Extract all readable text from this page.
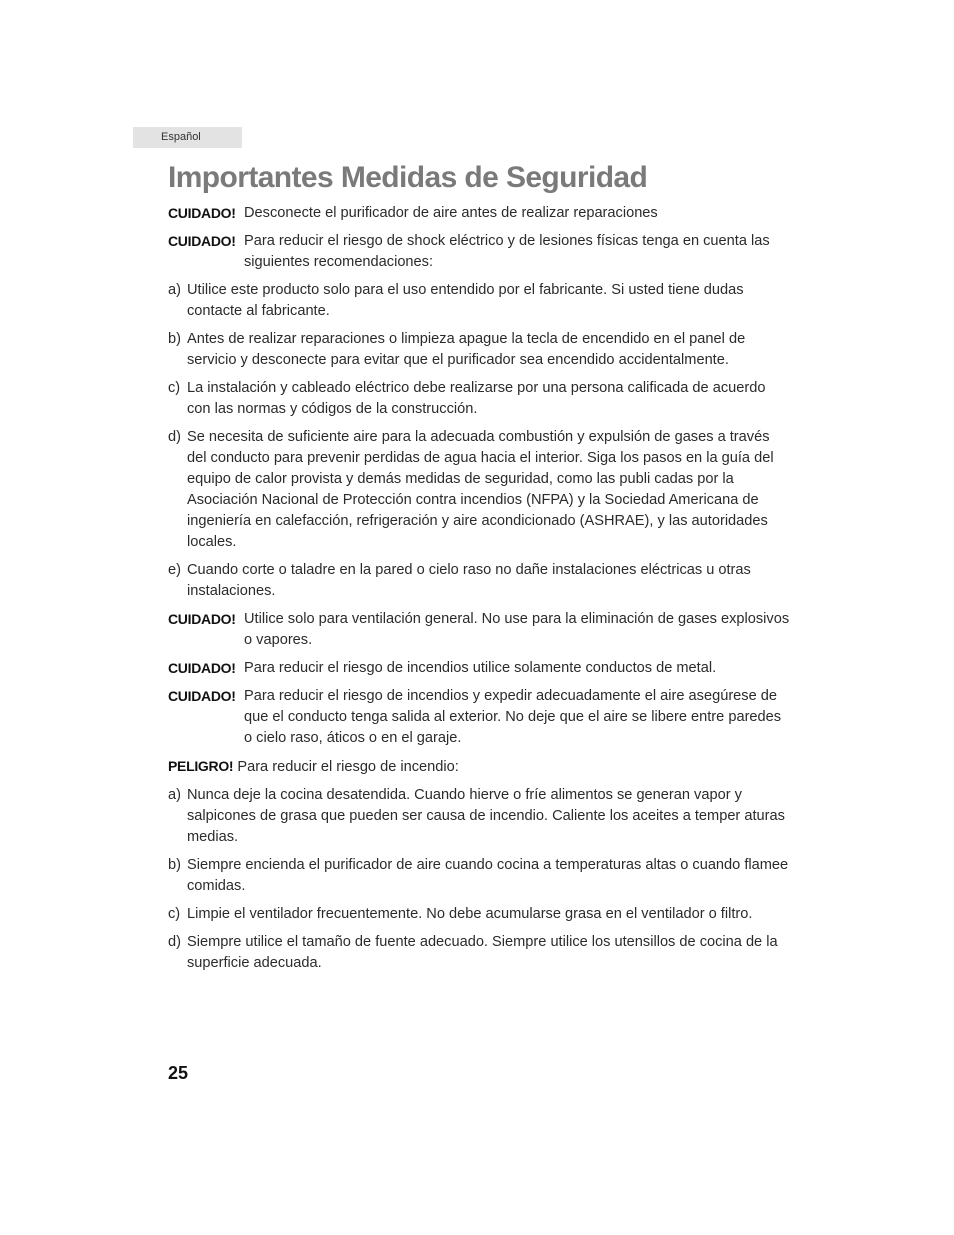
Español
Importantes Medidas de Seguridad
CUIDADO! Desconecte el purificador de aire antes de realizar reparaciones
CUIDADO! Para reducir el riesgo de shock eléctrico y de lesiones físicas tenga en cuenta las siguientes recomendaciones:
a) Utilice este producto solo para el uso entendido por el fabricante. Si usted tiene dudas contacte al fabricante.
b) Antes de realizar reparaciones o limpieza apague la tecla de encendido en el panel de servicio y desconecte para evitar que el purificador sea encendido accidentalmente.
c) La instalación y cableado eléctrico debe realizarse por una persona calificada de acuerdo con las normas y códigos de la construcción.
d) Se necesita de suficiente aire para la adecuada combustión y expulsión de gases a través del conducto para prevenir perdidas de agua hacia el interior. Siga los pasos en la guía del equipo de calor provista y demás medidas de seguridad, como las publi cadas por la Asociación Nacional de Protección contra incendios (NFPA) y la Sociedad Americana de ingeniería en calefacción, refrigeración y aire acondicionado (ASHRAE), y las autoridades locales.
e) Cuando corte o taladre en la pared o cielo raso no dañe instalaciones eléctricas u otras instalaciones.
CUIDADO! Utilice solo para ventilación general. No use para la eliminación de gases explosivos o vapores.
CUIDADO! Para reducir el riesgo de incendios utilice solamente conductos de metal.
CUIDADO! Para reducir el riesgo de incendios y expedir adecuadamente el aire asegúrese de que el conducto tenga salida al exterior. No deje que el aire se libere entre paredes o cielo raso, áticos o en el garaje.
PELIGRO! Para reducir el riesgo de incendio:
a) Nunca deje la cocina desatendida. Cuando hierve o fríe alimentos se generan vapor y salpicones de grasa que pueden ser causa de incendio. Caliente los aceites a temper aturas medias.
b) Siempre encienda el purificador de aire cuando cocina a temperaturas altas o cuando flamee comidas.
c) Limpie el ventilador frecuentemente. No debe acumularse grasa en el ventilador o filtro.
d) Siempre utilice el tamaño de fuente adecuado. Siempre utilice los utensillos de cocina de la superficie adecuada.
25
